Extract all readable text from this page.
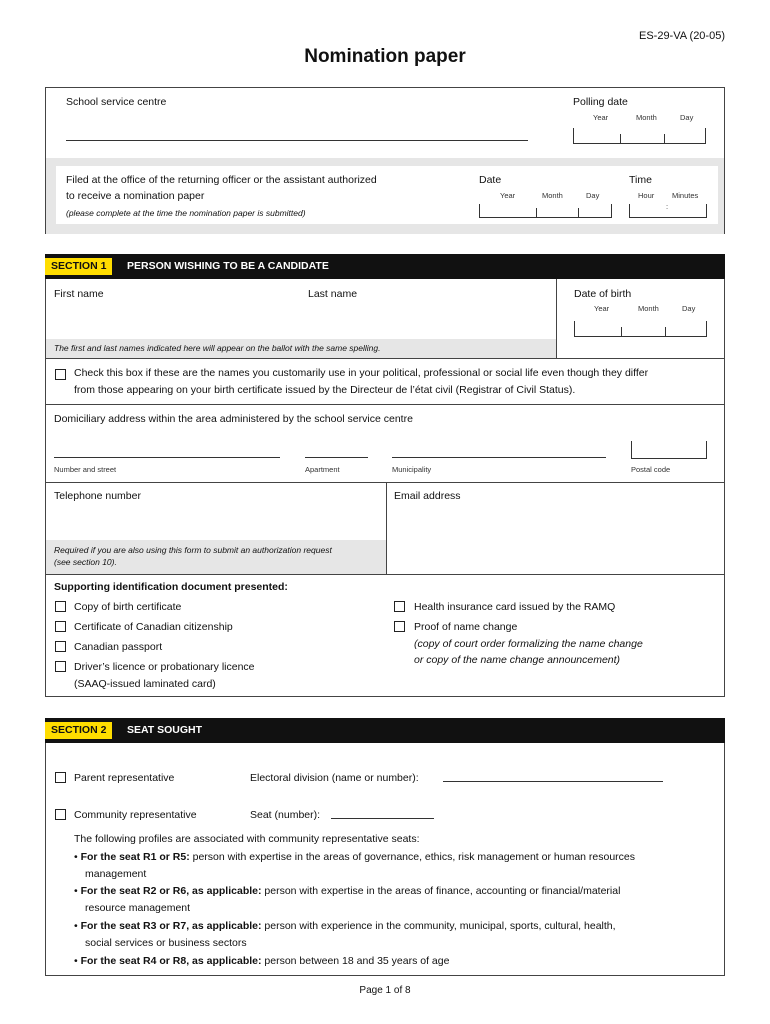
ES-29-VA (20-05)
Nomination paper
School service centre	Polling date
Year	Month	Day
Filed at the office of the returning officer or the assistant authorized
to receive a nomination paper
(please complete at the time the nomination paper is submitted)
Date
Year	Month	Day
Time
Hour Minutes
:
SECTION 1	PERSON WISHING TO BE A CANDIDATE
The first and last names indicated here will appear on the ballot with the same spelling.
First name	Last name	Date of birth
Year	Month	Day
Check this box if these are the names you customarily use in your political, professional or social life even though they differ
from those appearing on your birth certificate issued by the Directeur de l’état civil (Registrar of Civil Status).
Domiciliary address within the area administered by the school service centre
Number and street	Apartment	Municipality	Postal code
Telephone number
Required if you are also using this form to submit an authorization request
(see section 10).
Email address
Supporting identification document presented:
Copy of birth certificate
Certificate of Canadian citizenship
Canadian passport
Driver’s licence or probationary licence
(SAAQ-issued laminated card)
Health insurance card issued by the RAMQ
Proof of name change
(copy of court order formalizing the name change
or copy of the name change announcement)
SECTION 2	SEAT SOUGHT
Parent representative	Electoral division (name or number):
Community representative	Seat (number):
The following profiles are associated with community representative seats:
• For the seat R1 or R5: person with expertise in the areas of governance, ethics, risk management or human resources
management
• For the seat R2 or R6, as applicable: person with expertise in the areas of finance, accounting or financial/material
resource management
• For the seat R3 or R7, as applicable: person with experience in the community, municipal, sports, cultural, health,
social services or business sectors
• For the seat R4 or R8, as applicable: person between 18 and 35 years of age
Page 1 of 8
